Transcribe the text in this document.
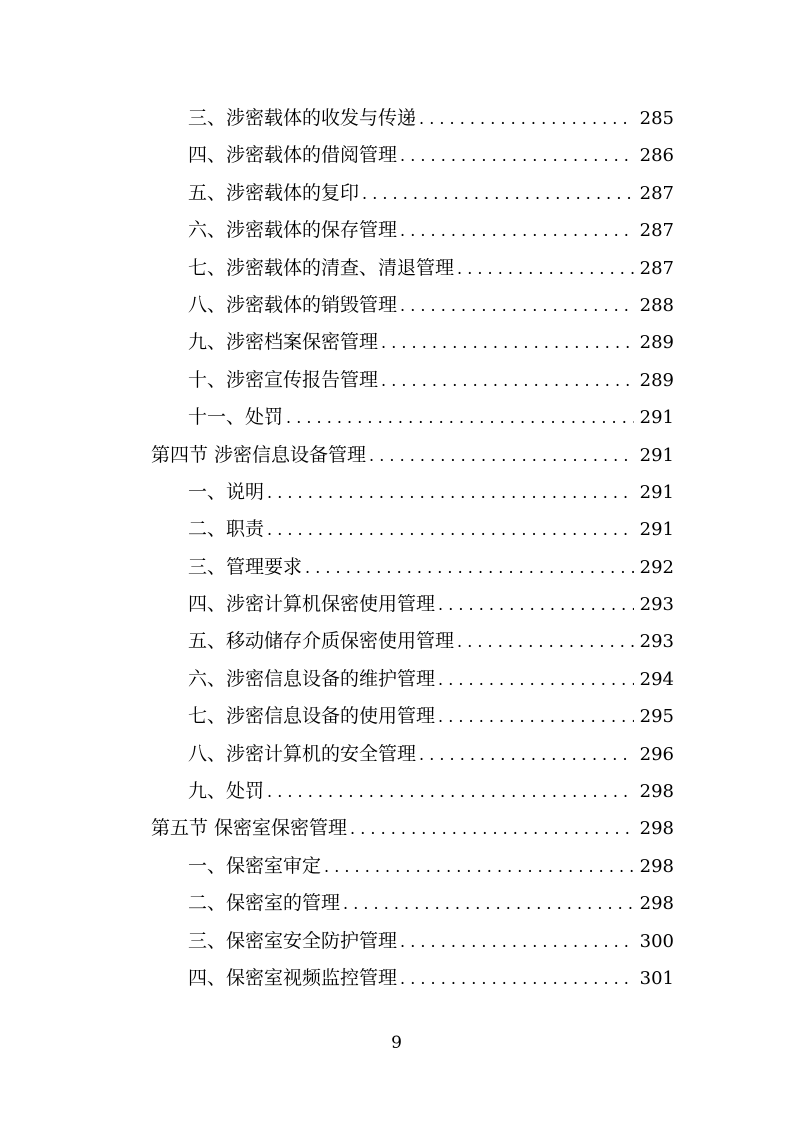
三、涉密载体的收发与传递 . . .	285
四、涉密载体的借阅管理 . . .	286
五、涉密载体的复印 . . .	287
六、涉密载体的保存管理 . . .	287
七、涉密载体的清查、清退管理 . . .	287
八、涉密载体的销毁管理 . . .	288
九、涉密档案保密管理 . . .	289
十、涉密宣传报告管理 . . .	289
十一、处罚 . . .	291
第四节 涉密信息设备管理 . . .	291
一、说明 . . .	291
二、职责 . . .	291
三、管理要求 . . .	292
四、涉密计算机保密使用管理 . . .	293
五、移动储存介质保密使用管理 . . .	293
六、涉密信息设备的维护管理 . . .	294
七、涉密信息设备的使用管理 . . .	295
八、涉密计算机的安全管理 . . .	296
九、处罚 . . .	298
第五节 保密室保密管理 . . .	298
一、保密室审定 . . .	298
二、保密室的管理 . . .	298
三、保密室安全防护管理 . . .	300
四、保密室视频监控管理 . . .	301
9
